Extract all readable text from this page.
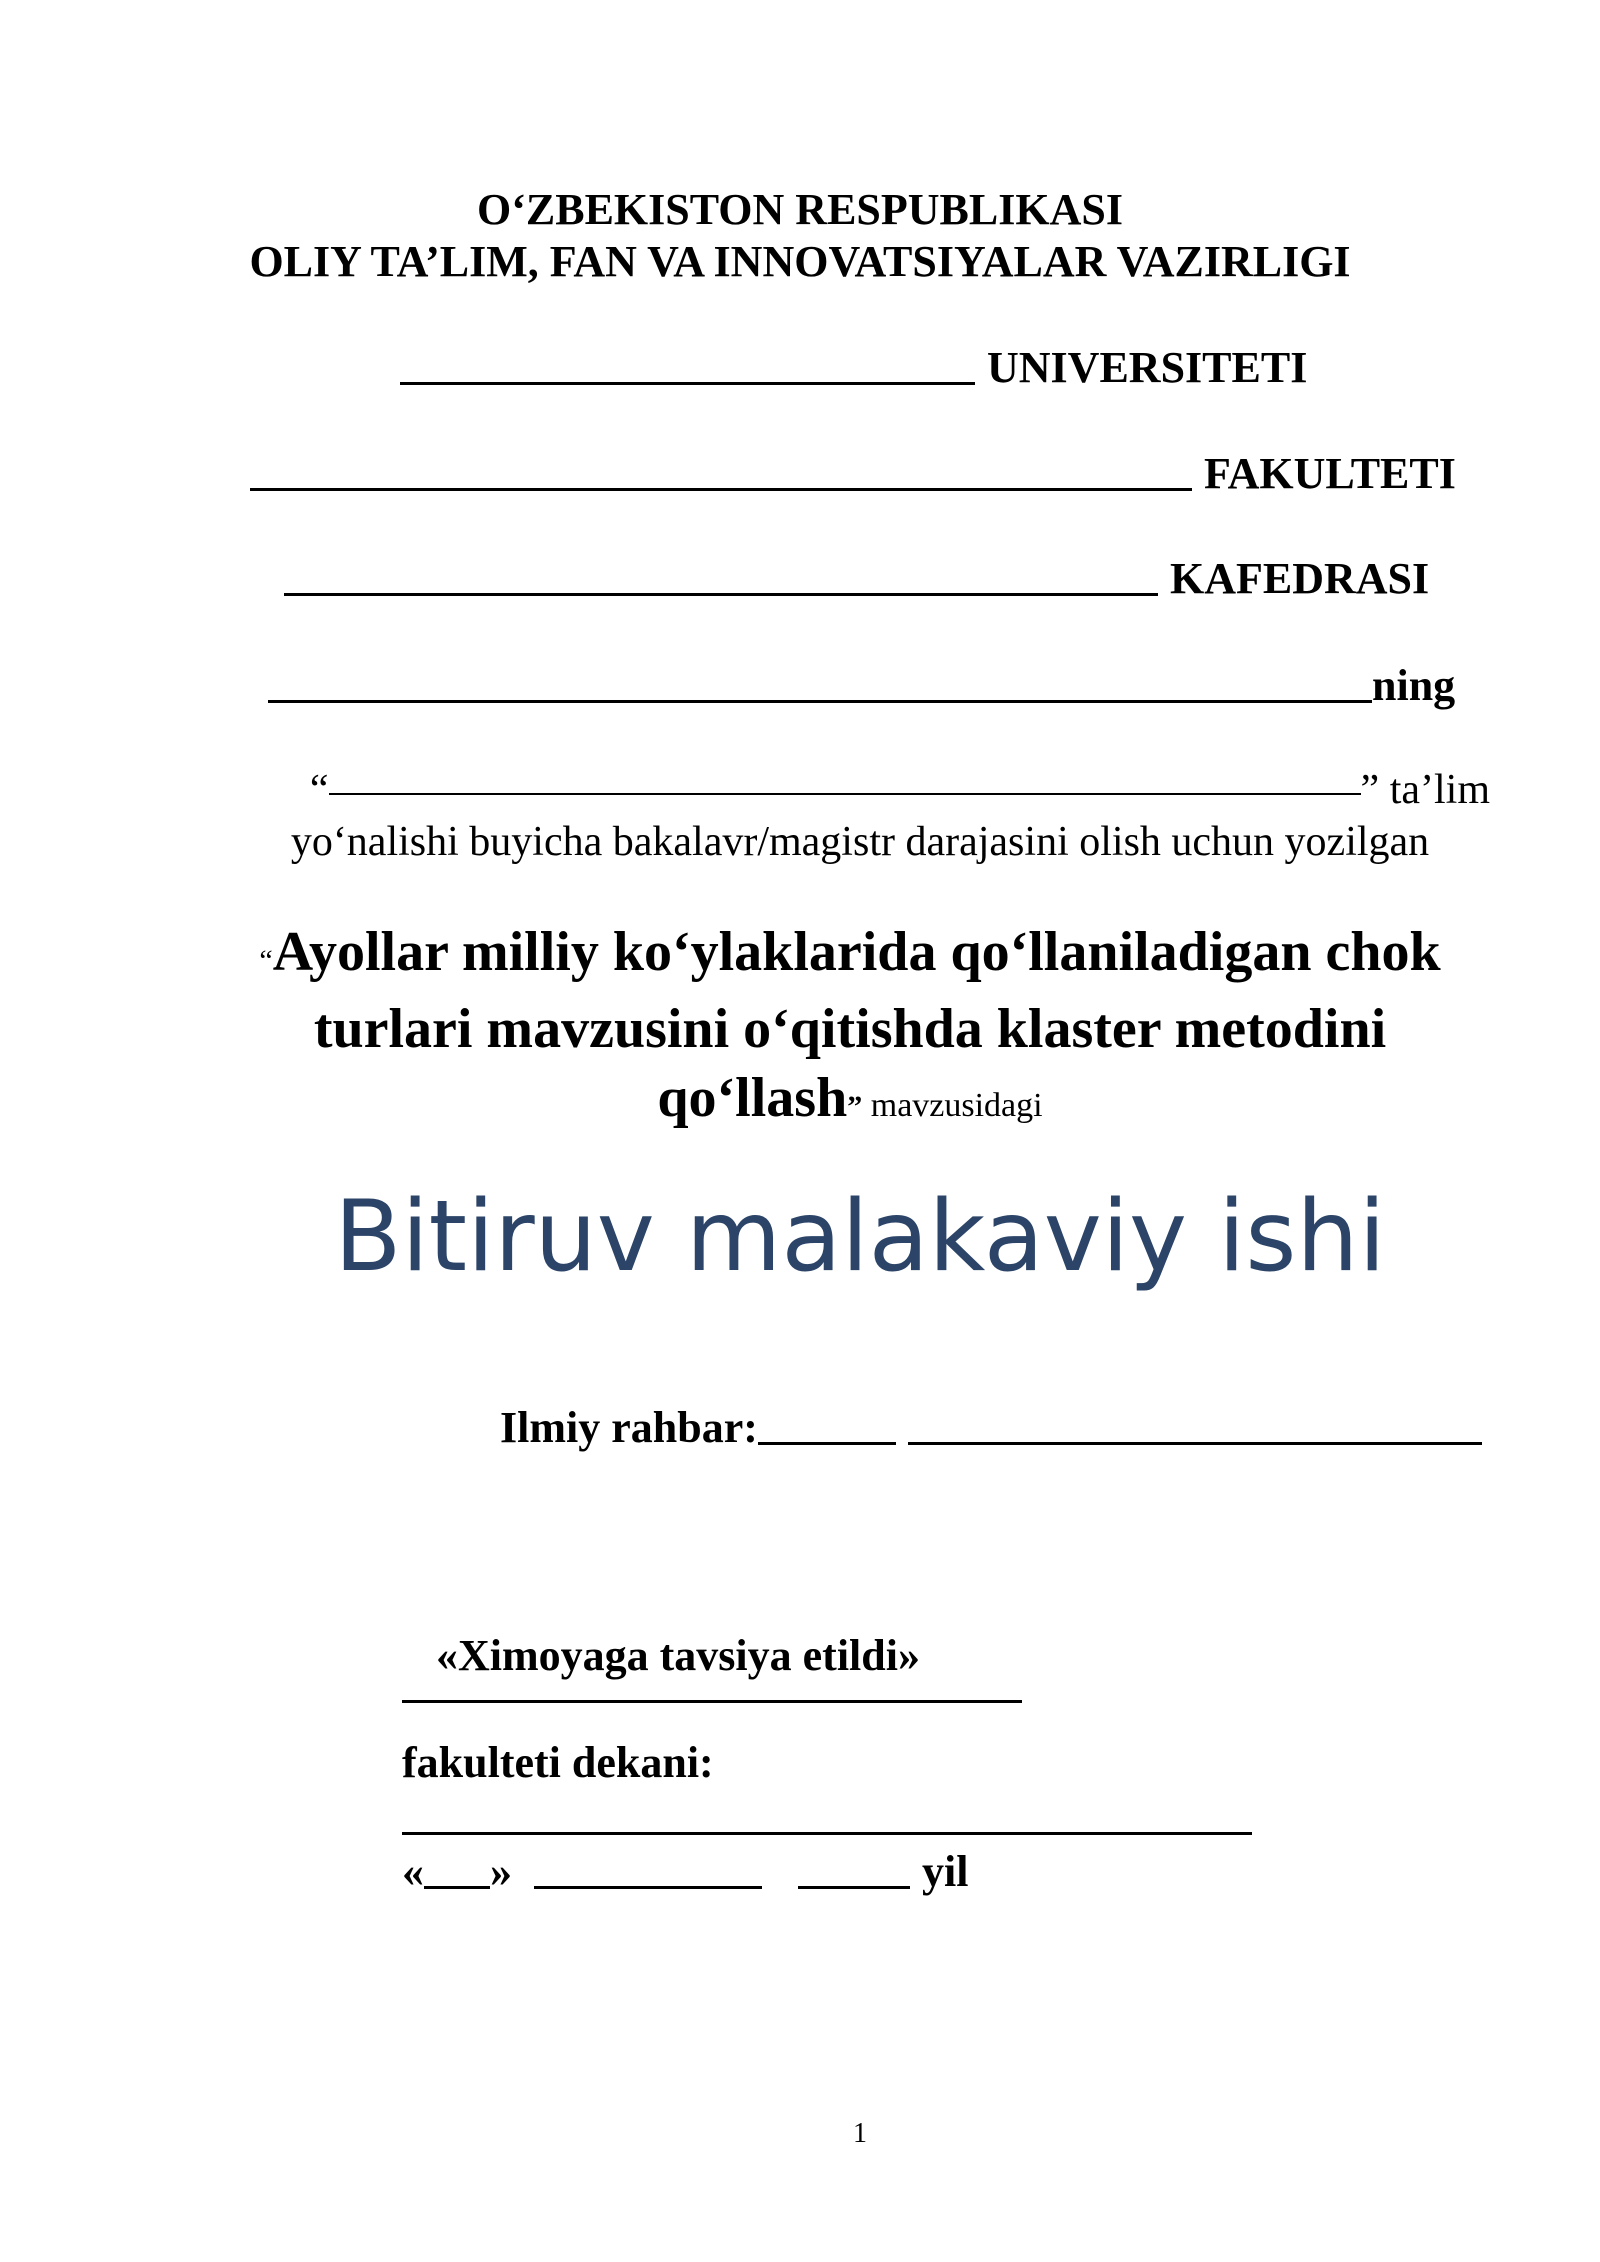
O‘ZBEKISTON RESPUBLIKASI
OLIY TA’LIM, FAN VA INNOVATSIYALAR VAZIRLIGI
UNIVERSITETI
FAKULTETI
KAFEDRASI
ning
“	” ta’lim
yo‘nalishi buyicha bakalavr/magistr darajasini olish uchun yozilgan
“Ayollar milliy ko‘ylaklarida qo‘llaniladigan chok
turlari mavzusini o‘qitishda klaster metodini
qo‘llash” mavzusidagi
Bitiruv malakaviy ishi
Ilmiy rahbar:
«Ximoyaga tavsiya etildi»
fakulteti dekani:
« »	yil
1
